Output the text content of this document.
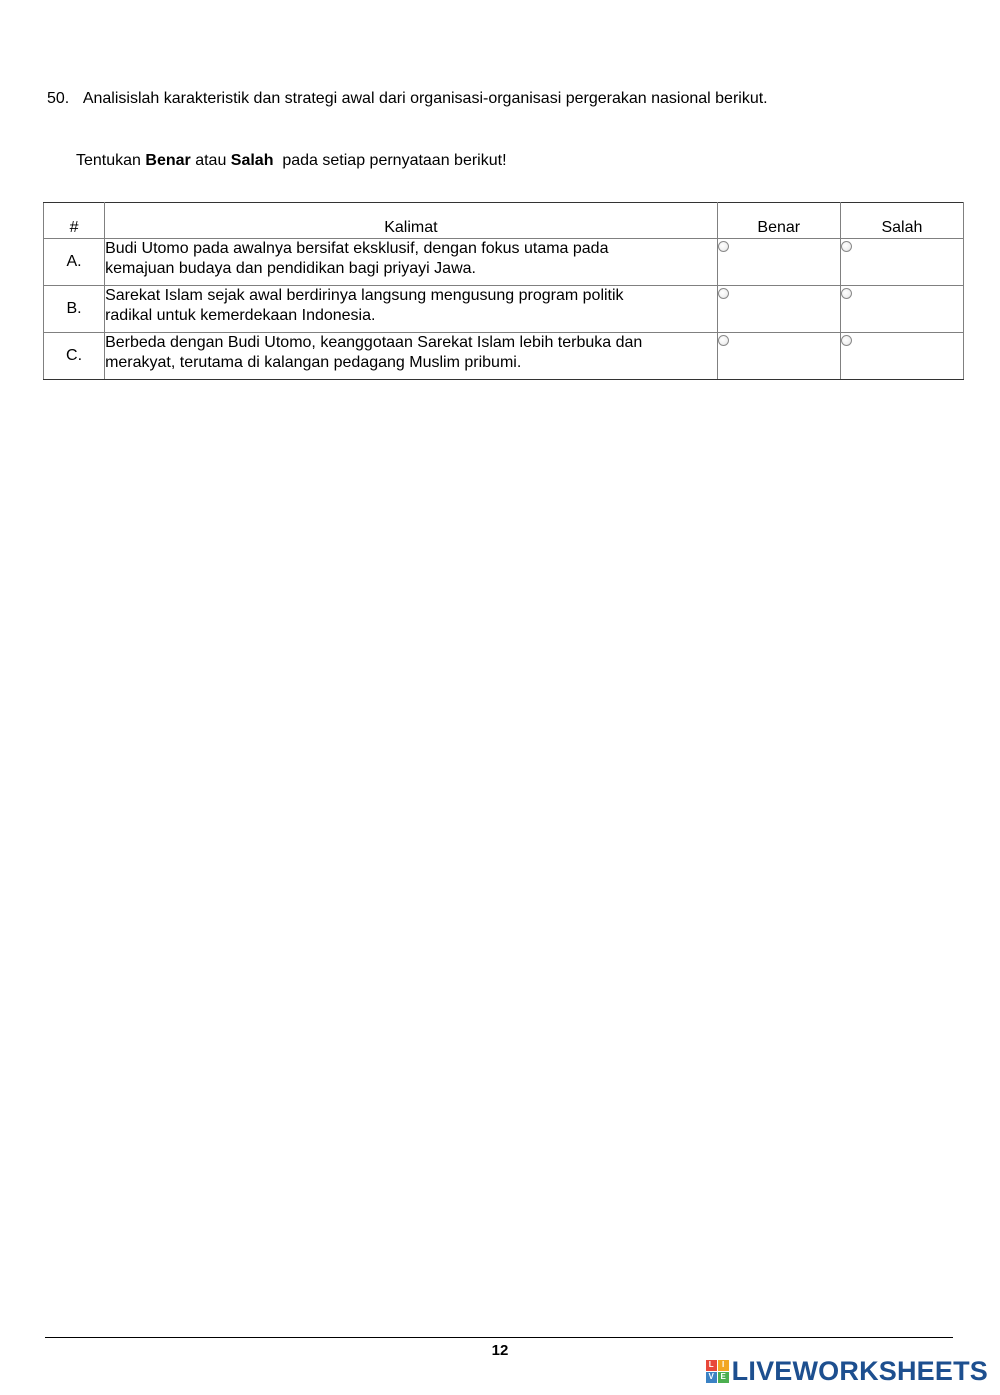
50. Analisislah karakteristik dan strategi awal dari organisasi-organisasi pergerakan nasional berikut.
Tentukan Benar atau Salah  pada setiap pernyataan berikut!
#	Kalimat	Benar	Salah
A.	Budi Utomo pada awalnya bersifat eksklusif, dengan fokus utama pada
kemajuan budaya dan pendidikan bagi priyayi Jawa.		

B.	Sarekat Islam sejak awal berdirinya langsung mengusung program politik
radikal untuk kemerdekaan Indonesia.		

C.	Berbeda dengan Budi Utomo, keanggotaan Sarekat Islam lebih terbuka dan
merakyat, terutama di kalangan pedagang Muslim pribumi.		

12
L	I
V E LIVEWORKSHEETS
